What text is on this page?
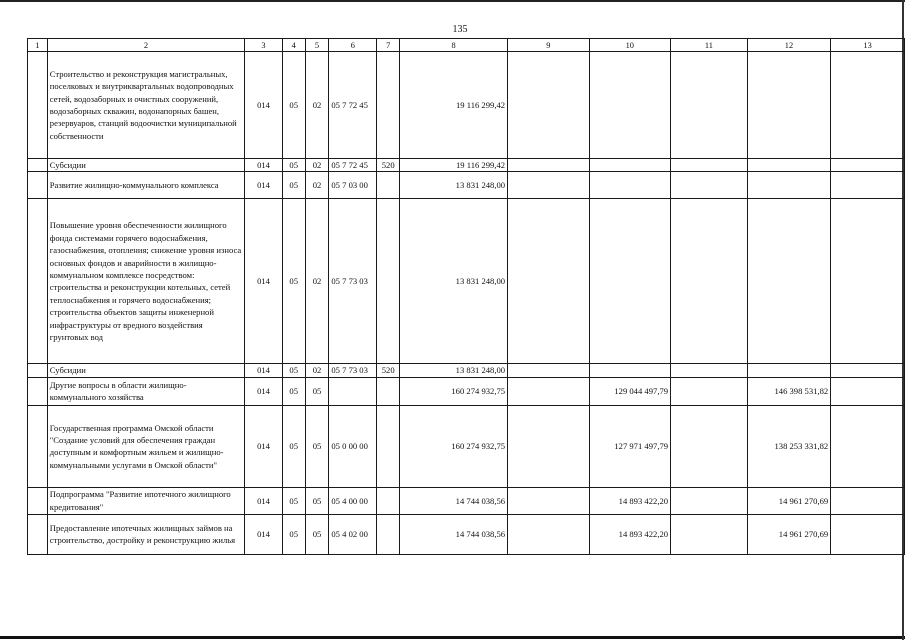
135
1	2	3	4	5	6	7	8	9	10	11	12	13
	Строительство и реконструкция магистральных, поселковых и внутриквартальных водопроводных сетей, водозаборных и очистных сооружений, водозаборных скважин, водонапорных башен, резервуаров, станций водоочистки муниципальной собственности	014	05	02	05 7 72 45		19 116 299,42					
	Субсидии	014	05	02	05 7 72 45	520	19 116 299,42					
	Развитие жилищно-коммунального комплекса	014	05	02	05 7 03 00		13 831 248,00					
	Повышение уровня обеспеченности жилищного фонда системами горячего водоснабжения, газоснабжения, отопления; снижение уровня износа основных фондов и аварийности в жилищно-коммунальном комплексе посредством: строительства и реконструкции котельных, сетей теплоснабжения и горячего водоснабжения; строительства объектов защиты инженерной инфраструктуры от вредного воздействия грунтовых вод	014	05	02	05 7 73 03		13 831 248,00					
	Субсидии	014	05	02	05 7 73 03	520	13 831 248,00					
	Другие вопросы в области жилищно-коммунального хозяйства	014	05	05			160 274 932,75		129 044 497,79		146 398 531,82	
	Государственная программа Омской области "Создание условий для обеспечения граждан доступным и комфортным жильем и жилищно-коммунальными услугами в Омской области"	014	05	05	05 0 00 00		160 274 932,75		127 971 497,79		138 253 331,82	
	Подпрограмма "Развитие ипотечного жилищного кредитования"	014	05	05	05 4 00 00		14 744 038,56		14 893 422,20		14 961 270,69	
	Предоставление ипотечных жилищных займов на строительство, достройку и реконструкцию жилья	014	05	05	05 4 02 00		14 744 038,56		14 893 422,20		14 961 270,69	
